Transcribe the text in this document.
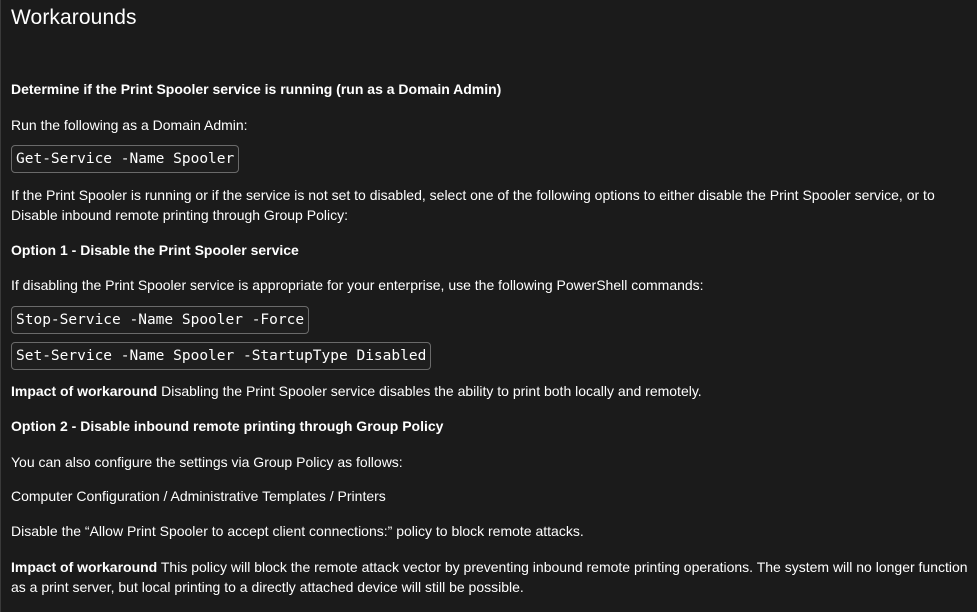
Workarounds

Determine if the Print Spooler service is running (run as a Domain Admin)

Run the following as a Domain Admin:

Get-Service -Name Spooler

If the Print Spooler is running or if the service is not set to disabled, select one of the following options to either disable the Print Spooler service, or to Disable inbound remote printing through Group Policy:

Option 1 - Disable the Print Spooler service

If disabling the Print Spooler service is appropriate for your enterprise, use the following PowerShell commands:

Stop-Service -Name Spooler -Force
Set-Service -Name Spooler -StartupType Disabled

Impact of workaround Disabling the Print Spooler service disables the ability to print both locally and remotely.

Option 2 - Disable inbound remote printing through Group Policy

You can also configure the settings via Group Policy as follows:

Computer Configuration / Administrative Templates / Printers

Disable the “Allow Print Spooler to accept client connections:” policy to block remote attacks.

Impact of workaround This policy will block the remote attack vector by preventing inbound remote printing operations. The system will no longer function as a print server, but local printing to a directly attached device will still be possible.
